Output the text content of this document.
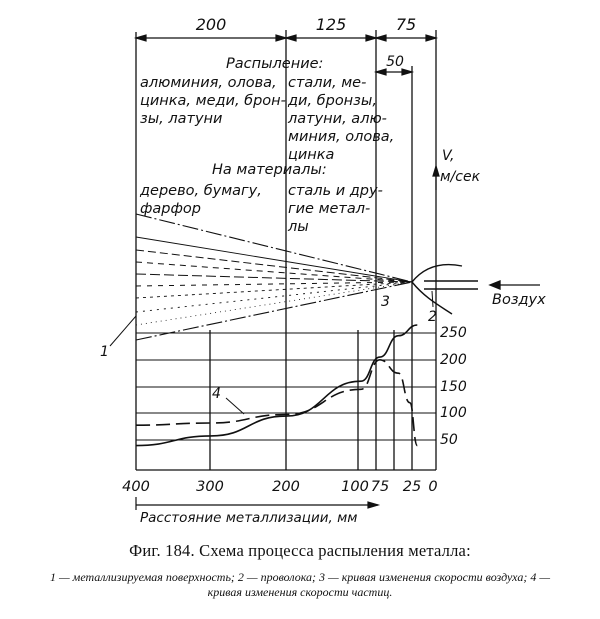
200	125	75
50
Распыление:
алюминия, олова,
цинка, меди, брон-
зы, латуни
стали, ме-
ди, бронзы,
латуни, алю-
миния, олова,
цинка
На материалы:
дерево, бумагу,
фарфор
сталь и дру-
гие метал-
лы
V,
м/сек
250
200
150
100
50
400	300	200	100 75 25 0
Расстояние металлизации, мм
Воздух
1
2
3
4
Фиг. 184. Схема процесса распыления металла:
1 — металлизируемая поверхность; 2 — проволока; 3 — кривая изменения скорости воздуха; 4 — кривая изменения скорости частиц.
